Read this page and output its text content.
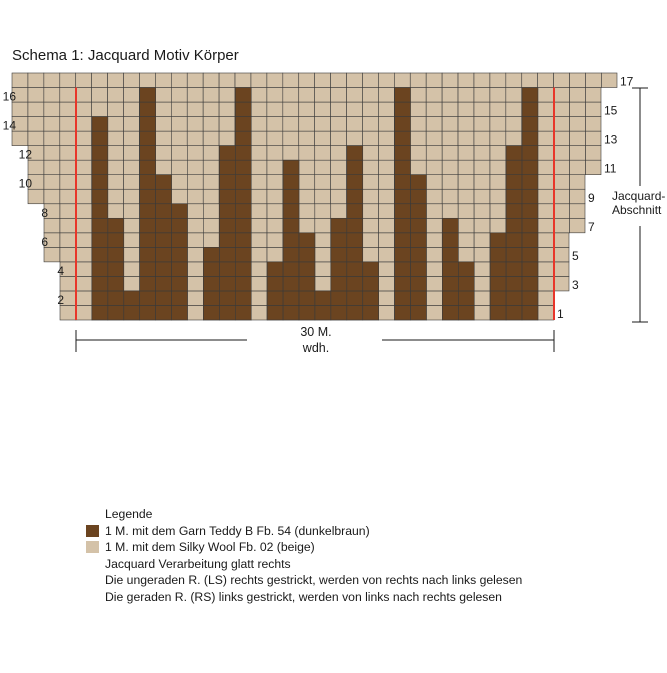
Schema 1: Jacquard Motiv Körper
2
4
6
8
10
12
14
16
1
3
5
7
9
11
13
15
17
Jacquard-
Abschnitt
30 M.
wdh.
Legende
1 M. mit dem Garn Teddy B Fb. 54 (dunkelbraun)
1 M. mit dem Silky Wool Fb. 02 (beige)
Jacquard Verarbeitung glatt rechts
Die ungeraden R. (LS) rechts gestrickt, werden von rechts nach links gelesen
Die geraden R. (RS) links gestrickt, werden von links nach rechts gelesen
